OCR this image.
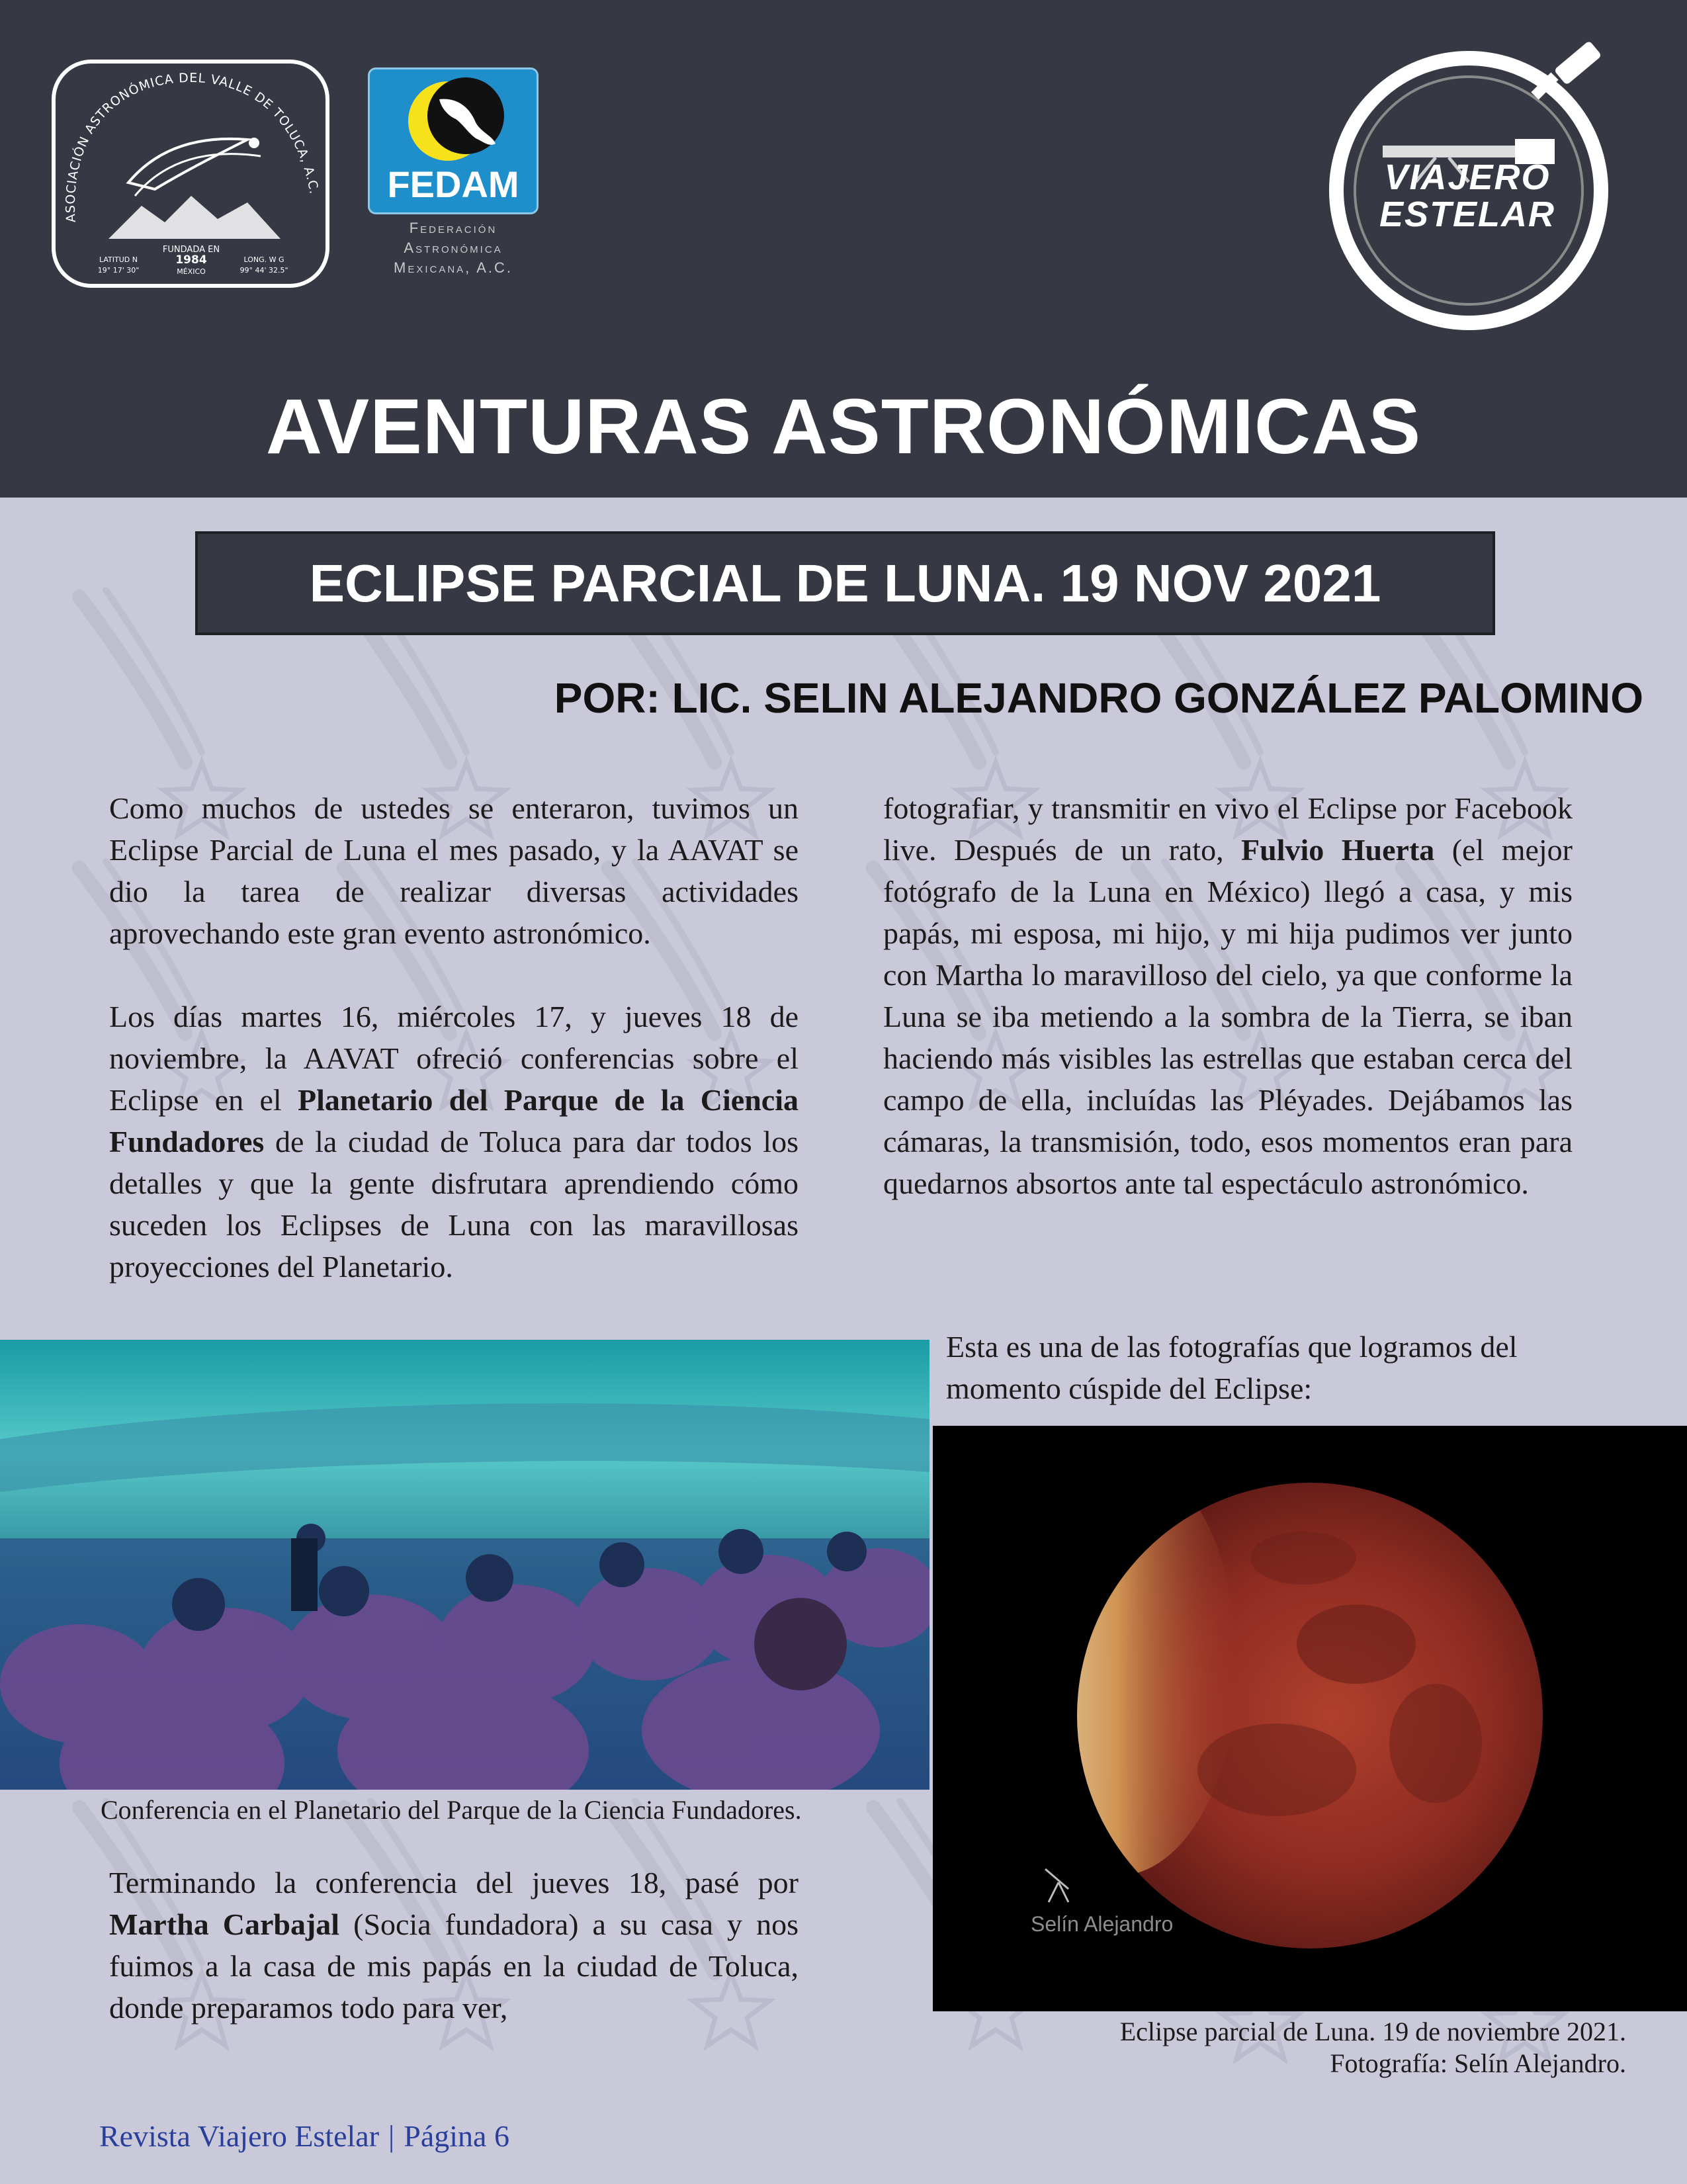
ASOCIACIÓN ASTRONÓMICA DEL VALLE DE TOLUCA, A.C.
FUNDADA EN
1984
MÉXICO
LATITUD N
19° 17' 30"
LONG. W G
99° 44' 32.5"
FEDAM
Federación
Astronómica
Mexicana, A.C.
VIAJERO
ESTELAR
AVENTURAS ASTRONÓMICAS
ECLIPSE PARCIAL DE LUNA. 19 NOV 2021
POR: LIC. SELIN ALEJANDRO GONZÁLEZ PALOMINO

Como muchos de ustedes se enteraron, tuvimos un Eclipse Parcial de Luna el mes pasado, y la AAVAT se dio la tarea de realizar diversas actividades aprovechando este gran evento astronómico.

Los días martes 16, miércoles 17, y jueves 18 de noviembre, la AAVAT ofreció conferencias sobre el Eclipse en el Planetario del Parque de la Ciencia Fundadores de la ciudad de Toluca para dar todos los detalles y que la gente disfrutara aprendiendo cómo suceden los Eclipses de Luna con las maravillosas proyecciones del Planetario.

Conferencia en el Planetario del Parque de la Ciencia Fundadores.
Terminando la conferencia del jueves 18, pasé por Martha Carbajal (Socia fundadora) a su casa y nos fuimos a la casa de mis papás en la ciudad de Toluca, donde preparamos todo para ver,
fotografiar, y transmitir en vivo el Eclipse por Facebook live. Después de un rato, Fulvio Huerta (el mejor fotógrafo de la Luna en México) llegó a casa, y mis papás, mi esposa, mi hijo, y mi hija pudimos ver junto con Martha lo maravilloso del cielo, ya que conforme la Luna se iba metiendo a la sombra de la Tierra, se iban haciendo más visibles las estrellas que estaban cerca del campo de ella, incluídas las Pléyades. Dejábamos las cámaras, la transmisión, todo, esos momentos eran para quedarnos absortos ante tal espectáculo astronómico.
Esta es una de las fotografías que logramos del momento cúspide del Eclipse:
Selín Alejandro
Eclipse parcial de Luna. 19 de noviembre 2021.
Fotografía: Selín Alejandro.
Revista Viajero Estelar | Página 6
